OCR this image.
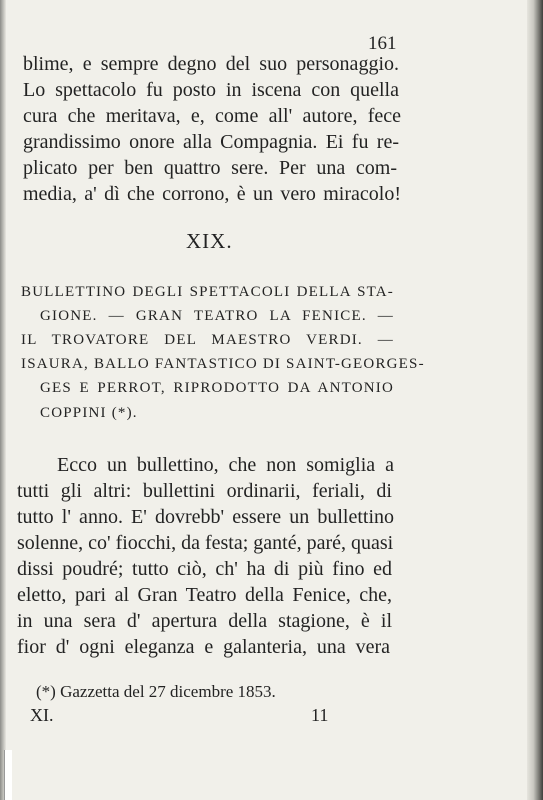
161
blime, e sempre degno del suo personaggio.
Lo spettacolo fu posto in iscena con quella
cura che meritava, e, come all' autore, fece
grandissimo onore alla Compagnia. Ei fu re-
plicato per ben quattro sere. Per una com-
media, a' dì che corrono, è un vero miracolo!
XIX.
BULLETTINO DEGLI SPETTACOLI DELLA STA-
GIONE. — GRAN TEATRO LA FENICE. —
IL TROVATORE DEL MAESTRO VERDI. —
ISAURA, BALLO FANTASTICO DI SAINT-GEORGES-
GES E PERROT, RIPRODOTTO DA ANTONIO
COPPINI (*).
Ecco un bullettino, che non somiglia a
tutti gli altri: bullettini ordinarii, feriali, di
tutto l' anno. E' dovrebb' essere un bullettino
solenne, co' fiocchi, da festa; ganté, paré, quasi
dissi poudré; tutto ciò, ch' ha di più fino ed
eletto, pari al Gran Teatro della Fenice, che,
in una sera d' apertura della stagione, è il
fior d' ogni eleganza e galanteria, una vera
(*) Gazzetta del 27 dicembre 1853.
XI.	11
